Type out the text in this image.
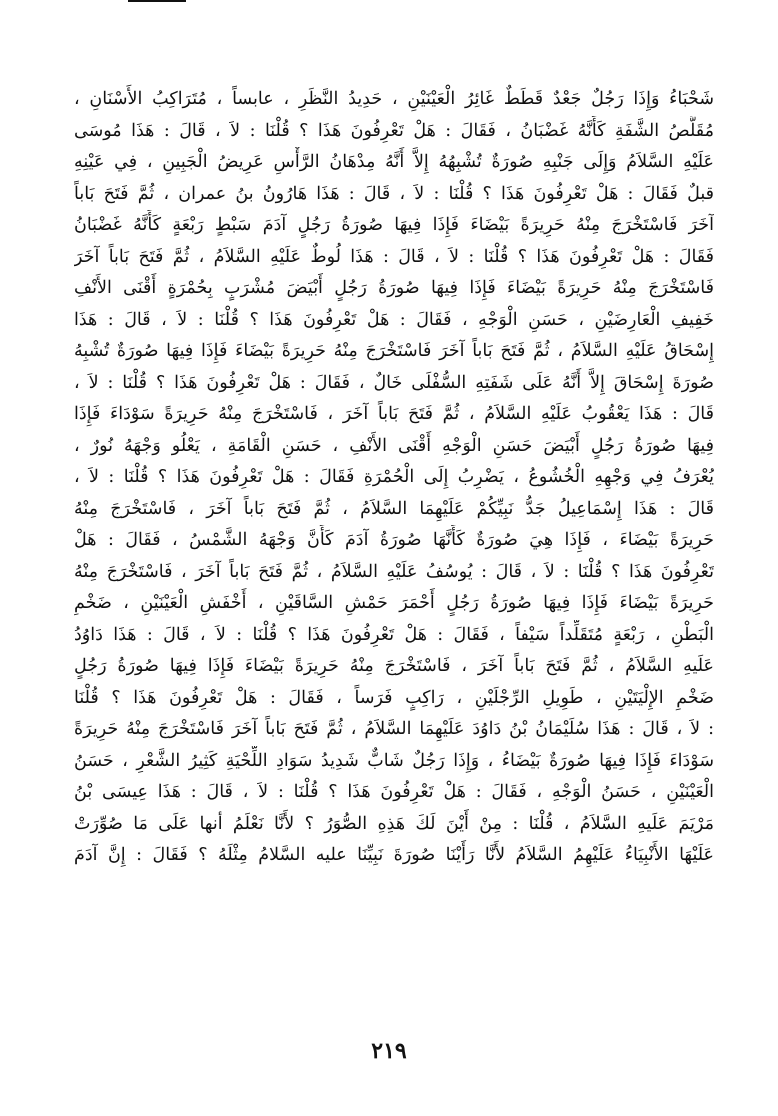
شَحْبَاءُ وَإِذَا رَجُلٌ جَعْدٌ قَطَطٌ غَائِرُ الْعَيْنَيْنِ ، حَدِيدُ النَّظَرِ ، عابساً ، مُتَرَاكِبُ الأَسْنَانِ ،
مُقَلَّصُ الشَّفَةِ كَأَنَّهُ غَضْبَانُ ، فَقَالَ : هَلْ تَعْرِفُونَ هَذَا ؟ قُلْنَا : لاَ ، قَالَ : هَذَا مُوسَى
عَلَيْهِ السَّلاَمُ وَإِلَى جَنْبِهِ صُورَةٌ تُشْبِهُهُ إِلاَّ أَنَّهُ مِدْهَانُ الرَّأْسِ عَرِيضُ الْجَبِينِ ، فِي عَيْنِهِ
قبلٌ فَقَالَ : هَلْ تَعْرِفُونَ هَذَا ؟ قُلْنَا : لاَ ، قَالَ : هَذَا هَارُونُ بنُ عمران ، ثُمَّ فَتَحَ بَاباً
آخَرَ فَاسْتَخْرَجَ مِنْهُ حَرِيرَةً بَيْضَاءَ فَإِذَا فِيهَا صُورَةُ رَجُلٍ آدَمَ سَبْطٍ رَبْعَةٍ كَأَنَّهُ غَضْبَانُ
فَقَالَ : هَلْ تَعْرِفُونَ هَذَا ؟ قُلْنَا : لاَ ، قَالَ : هَذَا لُوطٌ عَلَيْهِ السَّلاَمُ ، ثُمَّ فَتَحَ بَاباً آخَرَ
فَاسْتَخْرَجَ مِنْهُ حَرِيرَةً بَيْضَاءَ فَإِذَا فِيهَا صُورَةُ رَجُلٍ أَبْيَضَ مُشْرَبٍ بِحُمْرَةٍ أَقْنَى الأَنْفِ
خَفِيفِ الْعَارِضَيْنِ ، حَسَنِ الْوَجْهِ ، فَقَالَ : هَلْ تَعْرِفُونَ هَذَا ؟ قُلْنَا : لاَ ، قَالَ : هَذَا
إِسْحَاقُ عَلَيْهِ السَّلاَمُ ، ثُمَّ فَتَحَ بَاباً آخَرَ فَاسْتَخْرَجَ مِنْهُ حَرِيرَةً بَيْضَاءَ فَإِذَا فِيهَا صُورَةٌ تُشْبِهُ
صُورَةَ إِسْحَاقَ إِلاَّ أَنَّهُ عَلَى شَفَتِهِ السُّفْلَى خَالٌ ، فَقَالَ : هَلْ تَعْرِفُونَ هَذَا ؟ قُلْنَا : لاَ ،
قَالَ : هَذَا يَعْقُوبُ عَلَيْهِ السَّلاَمُ ، ثُمَّ فَتَحَ بَاباً آخَرَ ، فَاسْتَخْرَجَ مِنْهُ حَرِيرَةً سَوْدَاءَ فَإِذَا
فِيهَا صُورَةُ رَجُلٍ أَبْيَضَ حَسَنِ الْوَجْهِ أَقْنَى الأَنْفِ ، حَسَنِ الْقَامَةِ ، يَعْلُو وَجْهَهُ نُورٌ ،
يُعْرَفُ فِي وَجْهِهِ الْخُشُوعُ ، يَضْرِبُ إِلَى الْحُمْرَةِ فَقَالَ : هَلْ تَعْرِفُونَ هَذَا ؟ قُلْنَا : لاَ ،
قَالَ : هَذَا إِسْمَاعِيلُ جَدُّ نَبِيِّكُمْ عَلَيْهِمَا السَّلاَمُ ، ثُمَّ فَتَحَ بَاباً آخَرَ ، فَاسْتَخْرَجَ مِنْهُ
حَرِيرَةً بَيْضَاءَ ، فَإِذَا هِيَ صُورَةٌ كَأَنَّهَا صُورَةُ آدَمَ كَأَنَّ وَجْهَهُ الشَّمْسُ ، فَقَالَ : هَلْ
تَعْرِفُونَ هَذَا ؟ قُلْنَا : لاَ ، قَالَ : يُوسُفُ عَلَيْهِ السَّلاَمُ ، ثُمَّ فَتَحَ بَاباً آخَرَ ، فَاسْتَخْرَجَ مِنْهُ
حَرِيرَةً بَيْضَاءَ فَإِذَا فِيهَا صُورَةُ رَجُلٍ أَحْمَرَ حَمْشِ السَّاقَيْنِ ، أَخْفَشِ الْعَيْنَيْنِ ، ضَخْمِ
الْبَطْنِ ، رَبْعَةٍ مُتَقَلِّداً سَيْفاً ، فَقَالَ : هَلْ تَعْرِفُونَ هَذَا ؟ قُلْنَا : لاَ ، قَالَ : هَذَا دَاوُدُ
عَلَيهِ السَّلاَمُ ، ثُمَّ فَتَحَ بَاباً آخَرَ ، فَاسْتَخْرَجَ مِنْهُ حَرِيرَةً بَيْضَاءَ فَإِذَا فِيهَا صُورَةُ رَجُلٍ
ضَخْمِ الإِلْيَتَيْنِ ، طَوِيلِ الرِّجْلَيْنِ ، رَاكِبٍ فَرَساً ، فَقَالَ : هَلْ تَعْرِفُونَ هَذَا ؟ قُلْنَا
: لاَ ، قَالَ : هَذَا سُلَيْمَانُ بْنُ دَاوُدَ عَلَيْهِمَا السَّلاَمُ ، ثُمَّ فَتَحَ بَاباً آخَرَ فَاسْتَخْرَجَ مِنْهُ حَرِيرَةً
سَوْدَاءَ فَإِذَا فِيهَا صُورَةٌ بَيْضَاءُ ، وَإِذَا رَجُلٌ شَابٌّ شَدِيدُ سَوَادِ اللِّحْيَةِ كَثِيرُ الشَّعْرِ ، حَسَنُ
الْعَيْنَيْنِ ، حَسَنُ الْوَجْهِ ، فَقَالَ : هَلْ تَعْرِفُونَ هَذَا ؟ قُلْنَا : لاَ ، قَالَ : هَذَا عِيسَى بْنُ
مَرْيَمَ عَلَيهِ السَّلاَمُ ، قُلْنَا : مِنْ أَيْنَ لَكَ هَذِهِ الصُّوَرُ ؟ لأَنَّا نَعْلَمُ أنها عَلَى مَا صُوِّرَتْ
عَلَيْهَا الأَنْبِيَاءُ عَلَيْهِمُ السَّلاَمُ لأَنَّا رَأَيْنَا صُورَةَ نَبِيِّنَا عليه السَّلامُ مِثْلَهُ ؟ فَقَالَ : إِنَّ آدَمَ
٢١٩
